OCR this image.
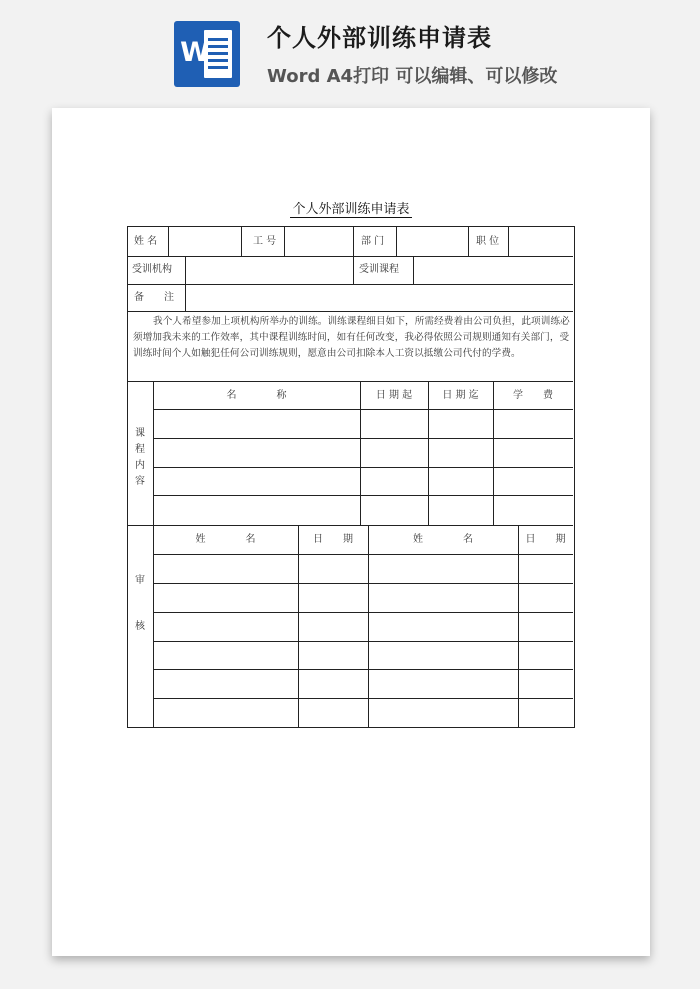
W 个人外部训练申请表
Word A4打印 可以编辑、可以修改
个人外部训练申请表
姓 名	工 号	部 门	职 位
受训机构	受训课程
备　　注
我个人希望参加上项机构所举办的训练。训练课程细目如下，所需经费着由公司负担，此项训练必须增加我未来的工作效率，其中课程训练时间，如有任何改变，我必得依照公司规则通知有关部门，受训练时间个人如触犯任何公司训练规则，愿意由公司扣除本人工资以抵缴公司代付的学费。
课程内容
名　　　　称	日 期 起	日 期 迄	学　　费
审
核
姓　　　　名	日　　期	姓　　　　名	日　　期
